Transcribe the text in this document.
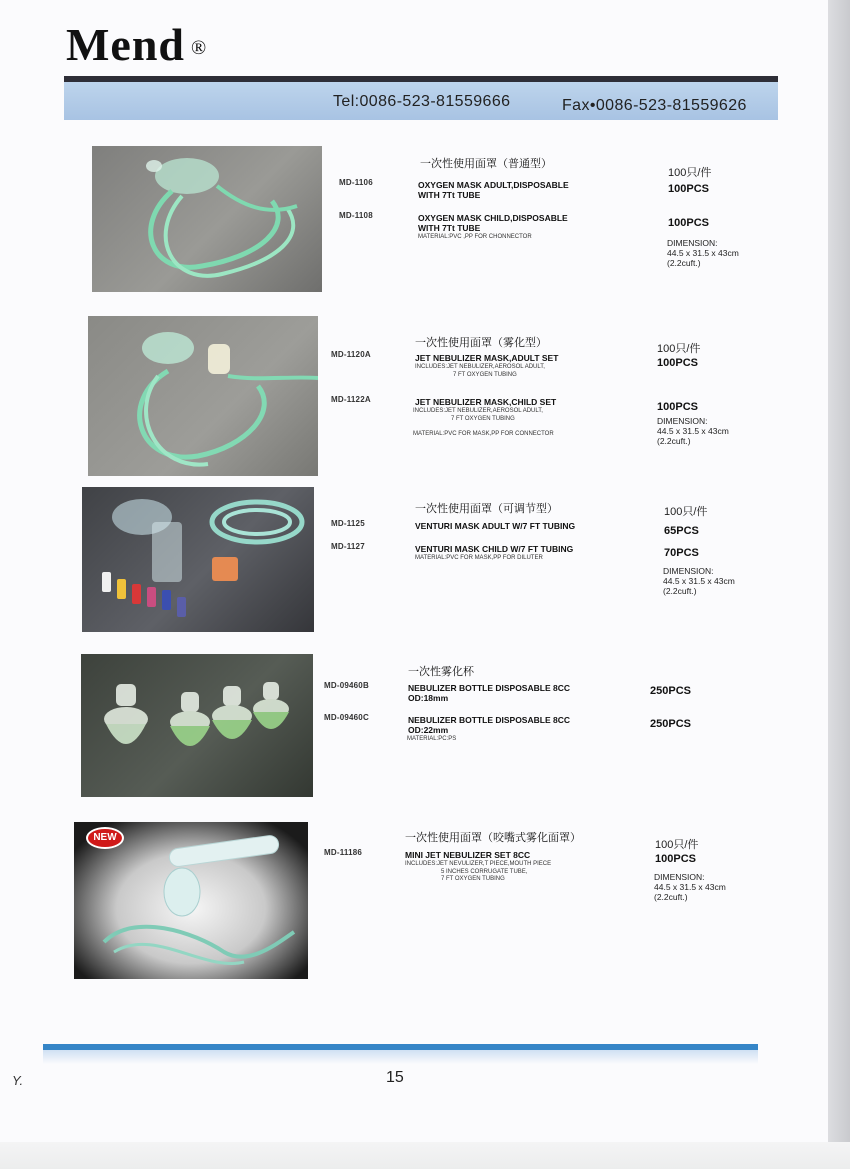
Mend ®
Tel:0086-523-81559666	Fax•0086-523-81559626
MD-1106
MD-1108
一次性使用面罩（普通型）
OXYGEN MASK ADULT,DISPOSABLE
WITH 7Tt TUBE
OXYGEN MASK CHILD,DISPOSABLE
WITH 7Tt TUBE
MATERIAL:PVC ,PP FOR CHONNECTOR
100只/件
100PCS
100PCS
DIMENSION:
44.5 x 31.5 x 43cm
(2.2cuft.)
MD-1120A
MD-1122A
一次性使用面罩（雾化型）
JET NEBULIZER MASK,ADULT SET
INCLUDES:JET NEBULIZER,AEROSOL ADULT,
7 FT OXYGEN TUBING
JET NEBULIZER MASK,CHILD SET
INCLUDES:JET NEBULIZER,AEROSOL ADULT,
7 FT OXYGEN TUBING
MATERIAL:PVC FOR MASK,PP FOR CONNECTOR
100只/件
100PCS
100PCS
DIMENSION:
44.5 x 31.5 x 43cm
(2.2cuft.)
MD-1125
MD-1127
一次性使用面罩（可调节型）
VENTURI MASK ADULT W/7 FT TUBING
VENTURI MASK CHILD W/7 FT TUBING
MATERIAL:PVC FOR MASK,PP FOR DILUTER
100只/件
65PCS
70PCS
DIMENSION:
44.5 x 31.5 x 43cm
(2.2cuft.)
MD-09460B
MD-09460C
一次性雾化杯
NEBULIZER BOTTLE DISPOSABLE 8CC
OD:18mm
NEBULIZER BOTTLE DISPOSABLE 8CC
OD:22mm
MATERIAL:PC:PS
250PCS
250PCS
NEW
MD-11186
一次性使用面罩（咬嘴式雾化面罩）
MINI JET NEBULIZER SET 8CC
INCLUDES:JET NEVULIZER,T PIECE,MOUTH PIECE
5 INCHES CORRUGATE TUBE,
7 FT OXYGEN TUBING
100只/件
100PCS
DIMENSION:
44.5 x 31.5 x 43cm
(2.2cuft.)
15
Y.
